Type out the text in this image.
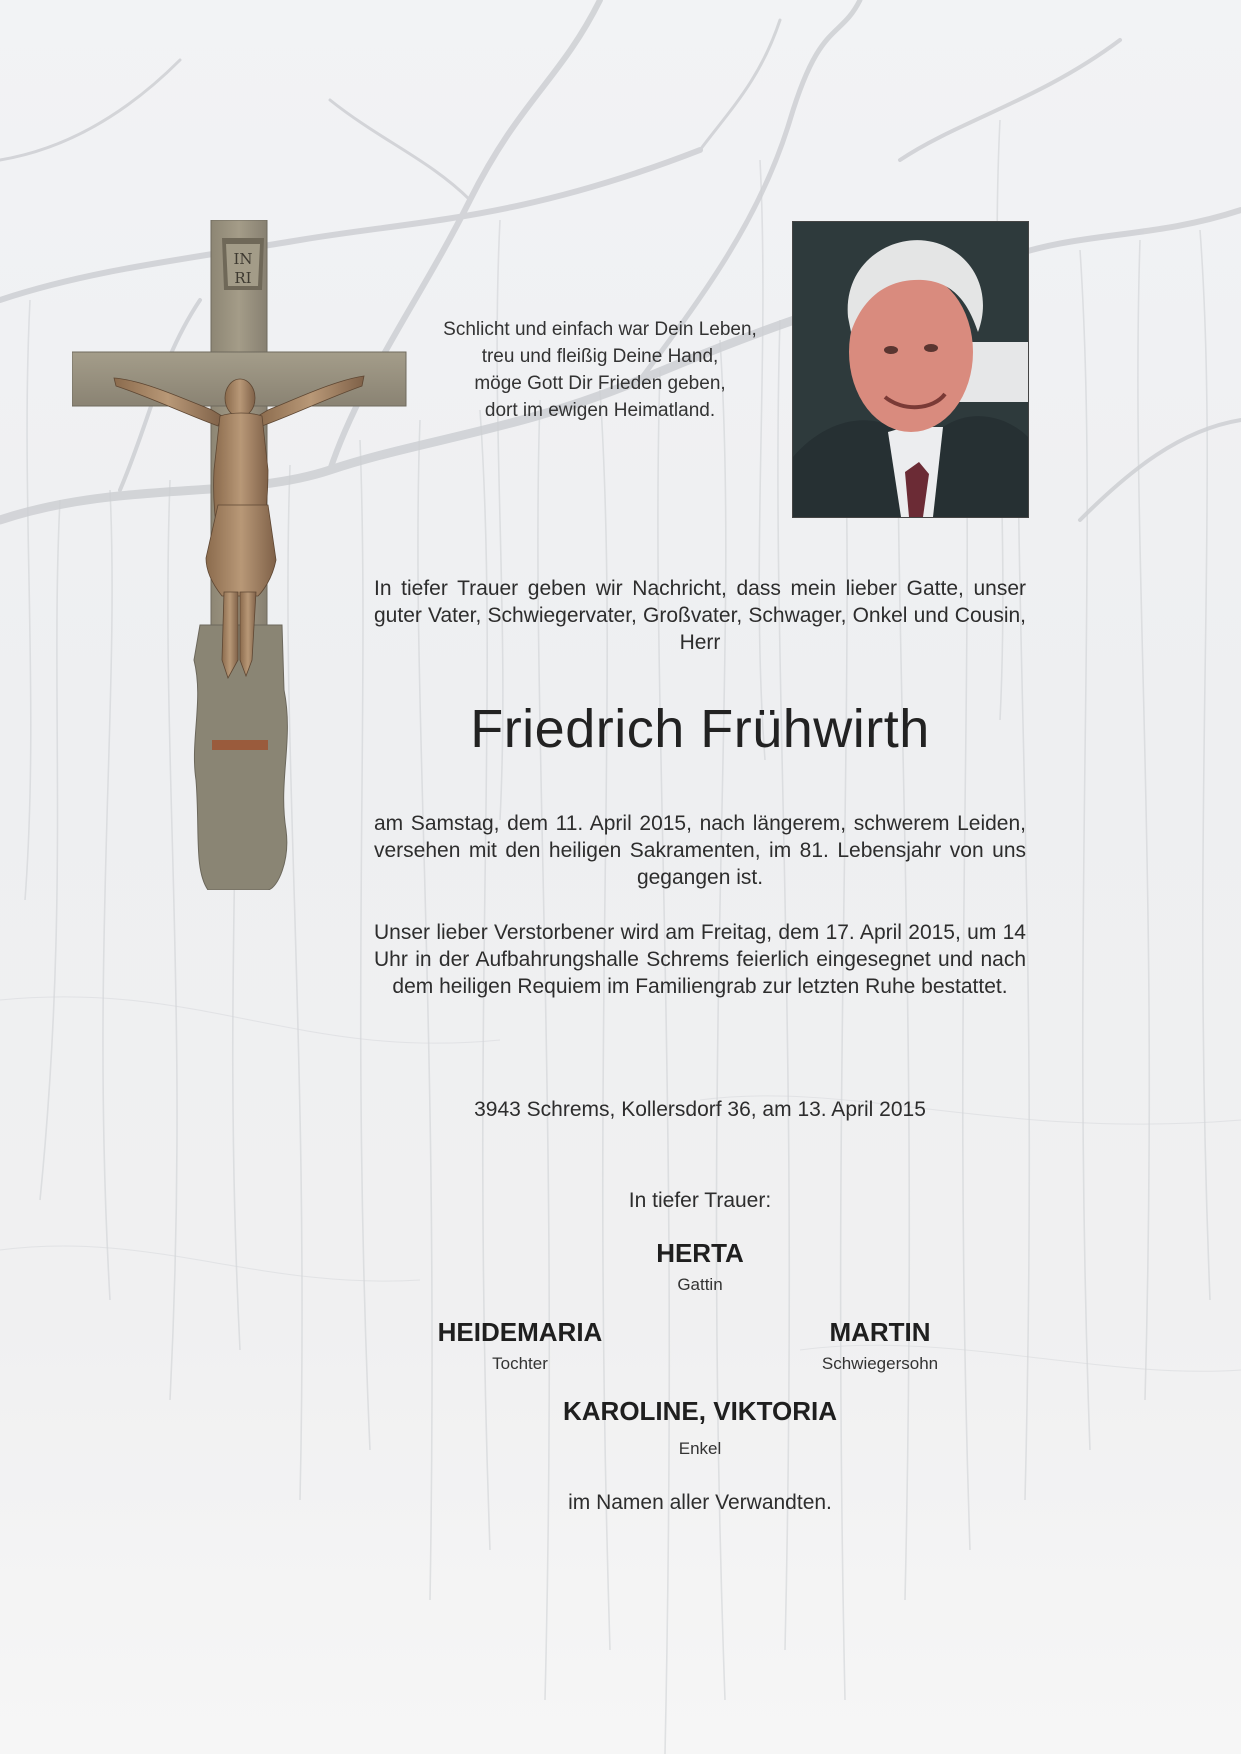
IN
RI
Schlicht und einfach war Dein Leben,
treu und fleißig Deine Hand,
möge Gott Dir Frieden geben,
dort im ewigen Heimatland.
In tiefer Trauer geben wir Nachricht, dass mein lieber Gatte, unser guter Vater, Schwiegervater, Großvater, Schwager, Onkel und Cousin, Herr
Friedrich Frühwirth
am Samstag, dem 11. April 2015, nach längerem, schwerem Leiden, versehen mit den heiligen Sakramenten, im 81. Lebensjahr von uns gegangen ist.
Unser lieber Verstorbener wird am Freitag, dem 17. April 2015, um 14 Uhr in der Aufbahrungshalle Schrems feierlich eingesegnet und nach dem heiligen Requiem im Familiengrab zur letzten Ruhe bestattet.
3943 Schrems, Kollersdorf 36, am 13. April 2015
In tiefer Trauer:
HERTA
Gattin
HEIDEMARIA
Tochter
MARTIN
Schwiegersohn
KAROLINE, VIKTORIA
Enkel
im Namen aller Verwandten.
